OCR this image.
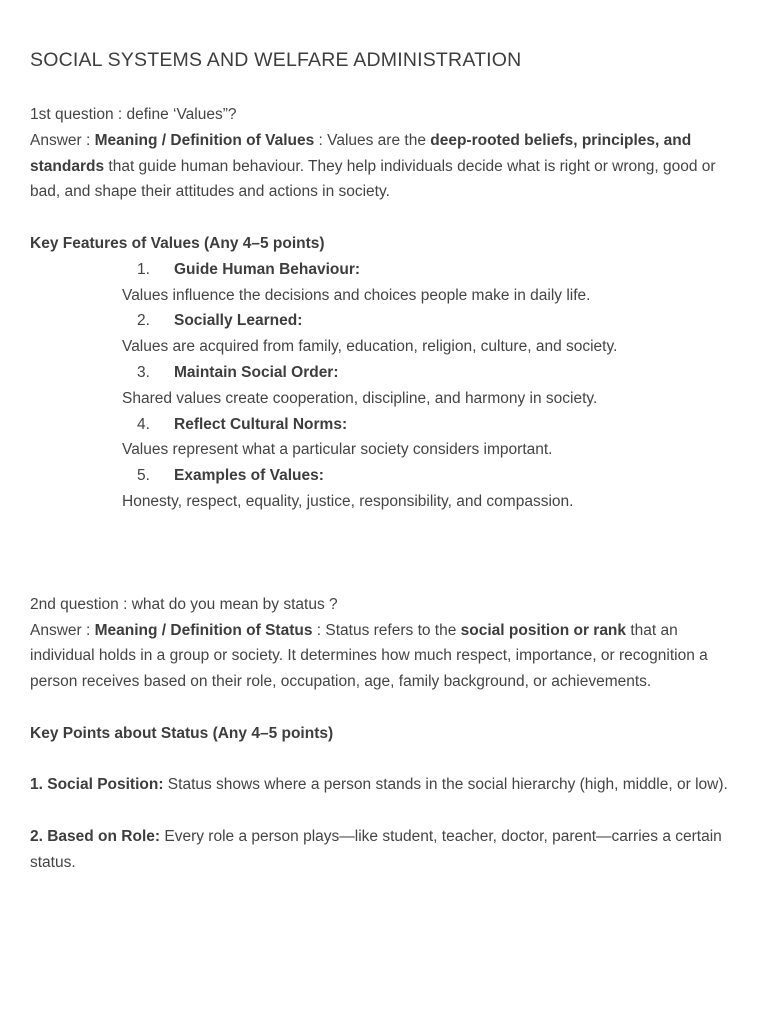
SOCIAL SYSTEMS AND WELFARE ADMINISTRATION

1st question : define ‘Values”?

Answer : Meaning / Definition of Values : Values are the deep-rooted beliefs, principles, and standards that guide human behaviour. They help individuals decide what is right or wrong, good or bad, and shape their attitudes and actions in society.

Key Features of Values (Any 4–5 points)

1. Guide Human Behaviour:

Values influence the decisions and choices people make in daily life.

2. Socially Learned:

Values are acquired from family, education, religion, culture, and society.

3. Maintain Social Order:

Shared values create cooperation, discipline, and harmony in society.

4. Reflect Cultural Norms:

Values represent what a particular society considers important.

5. Examples of Values:

Honesty, respect, equality, justice, responsibility, and compassion.

2nd question : what do you mean by status ?

Answer : Meaning / Definition of Status : Status refers to the social position or rank that an individual holds in a group or society. It determines how much respect, importance, or recognition a person receives based on their role, occupation, age, family background, or achievements.

Key Points about Status (Any 4–5 points)

1. Social Position: Status shows where a person stands in the social hierarchy (high, middle, or low).

2. Based on Role: Every role a person plays—like student, teacher, doctor, parent—carries a certain status.
